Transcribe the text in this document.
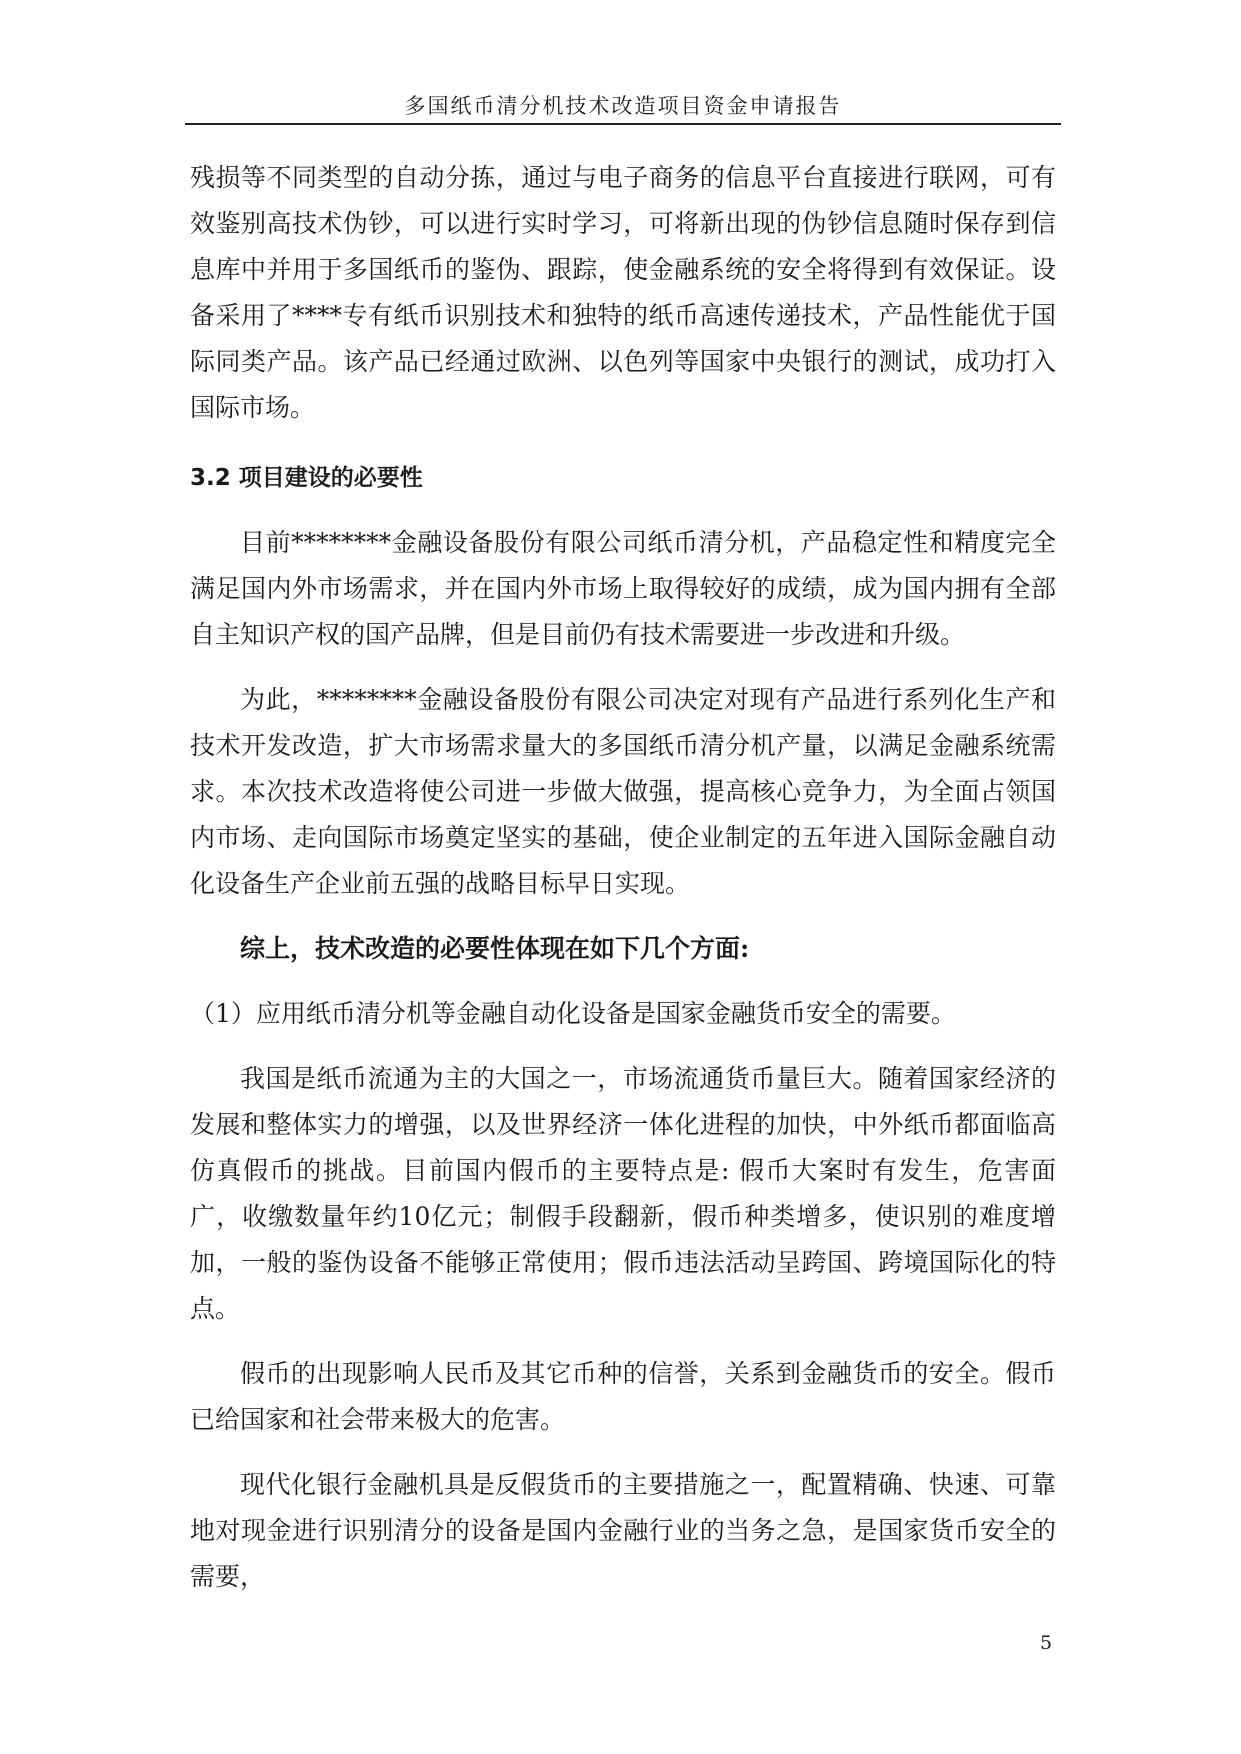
多国纸币清分机技术改造项目资金申请报告

残损等不同类型的自动分拣，通过与电子商务的信息平台直接进行联网，可有效鉴别高技术伪钞，可以进行实时学习，可将新出现的伪钞信息随时保存到信息库中并用于多国纸币的鉴伪、跟踪，使金融系统的安全将得到有效保证。设备采用了****专有纸币识别技术和独特的纸币高速传递技术，产品性能优于国际同类产品。该产品已经通过欧洲、以色列等国家中央银行的测试，成功打入国际市场。

3.2 项目建设的必要性

目前********金融设备股份有限公司纸币清分机，产品稳定性和精度完全满足国内外市场需求，并在国内外市场上取得较好的成绩，成为国内拥有全部自主知识产权的国产品牌，但是目前仍有技术需要进一步改进和升级。

为此，********金融设备股份有限公司决定对现有产品进行系列化生产和技术开发改造，扩大市场需求量大的多国纸币清分机产量，以满足金融系统需求。本次技术改造将使公司进一步做大做强，提高核心竞争力，为全面占领国内市场、走向国际市场奠定坚实的基础，使企业制定的五年进入国际金融自动化设备生产企业前五强的战略目标早日实现。

综上，技术改造的必要性体现在如下几个方面:

（1）应用纸币清分机等金融自动化设备是国家金融货币安全的需要。

我国是纸币流通为主的大国之一，市场流通货币量巨大。随着国家经济的发展和整体实力的增强，以及世界经济一体化进程的加快，中外纸币都面临高仿真假币的挑战。目前国内假币的主要特点是: 假币大案时有发生，危害面广，收缴数量年约10亿元；制假手段翻新，假币种类增多，使识别的难度增加，一般的鉴伪设备不能够正常使用；假币违法活动呈跨国、跨境国际化的特点。

假币的出现影响人民币及其它币种的信誉，关系到金融货币的安全。假币已给国家和社会带来极大的危害。

现代化银行金融机具是反假货币的主要措施之一，配置精确、快速、可靠地对现金进行识别清分的设备是国内金融行业的当务之急，是国家货币安全的需要，

5
